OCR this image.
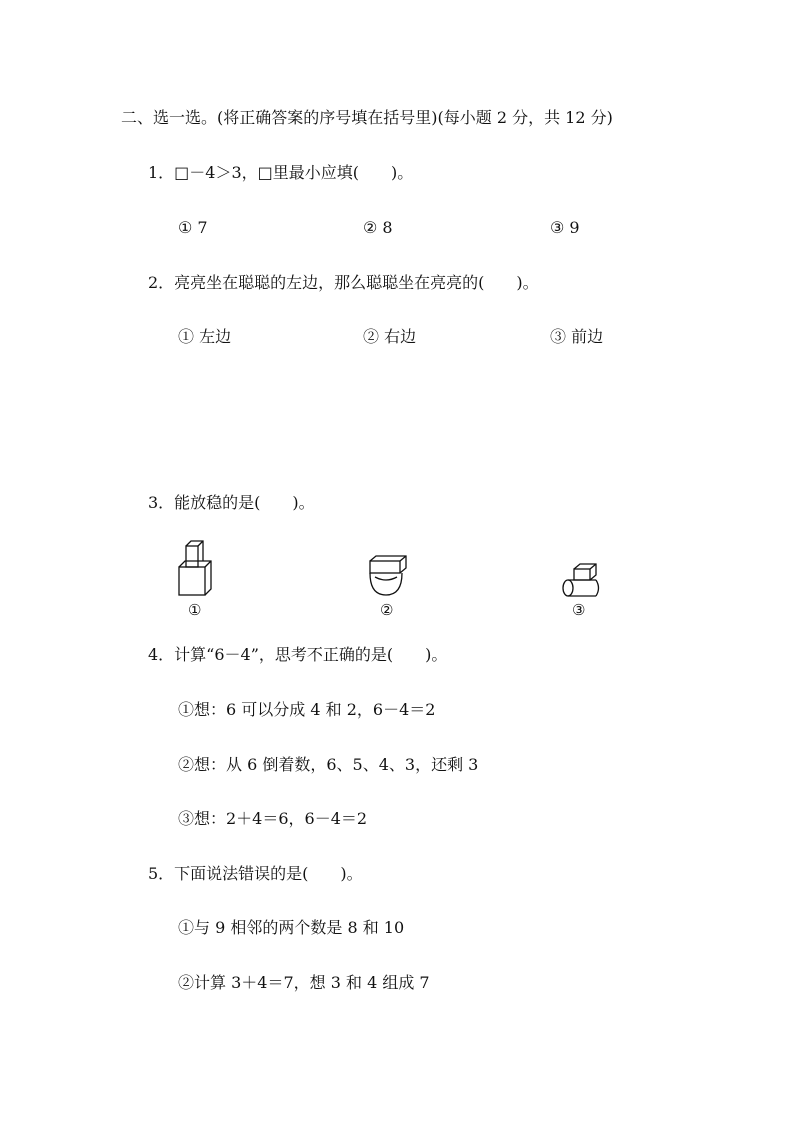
二、选一选。(将正确答案的序号填在括号里)(每小题 2 分，共 12 分)
1．□－4＞3，□里最小应填(　　)。
① 7	② 8	③ 9
2．亮亮坐在聪聪的左边，那么聪聪坐在亮亮的(　　)。
① 左边	② 右边	③ 前边
3．能放稳的是(　　)。
①	②	③
4．计算“6－4”，思考不正确的是(　　)。
①想：6 可以分成 4 和 2，6－4＝2
②想：从 6 倒着数，6、5、4、3，还剩 3
③想：2＋4＝6，6－4＝2
5．下面说法错误的是(　　)。
①与 9 相邻的两个数是 8 和 10
②计算 3＋4＝7，想 3 和 4 组成 7
